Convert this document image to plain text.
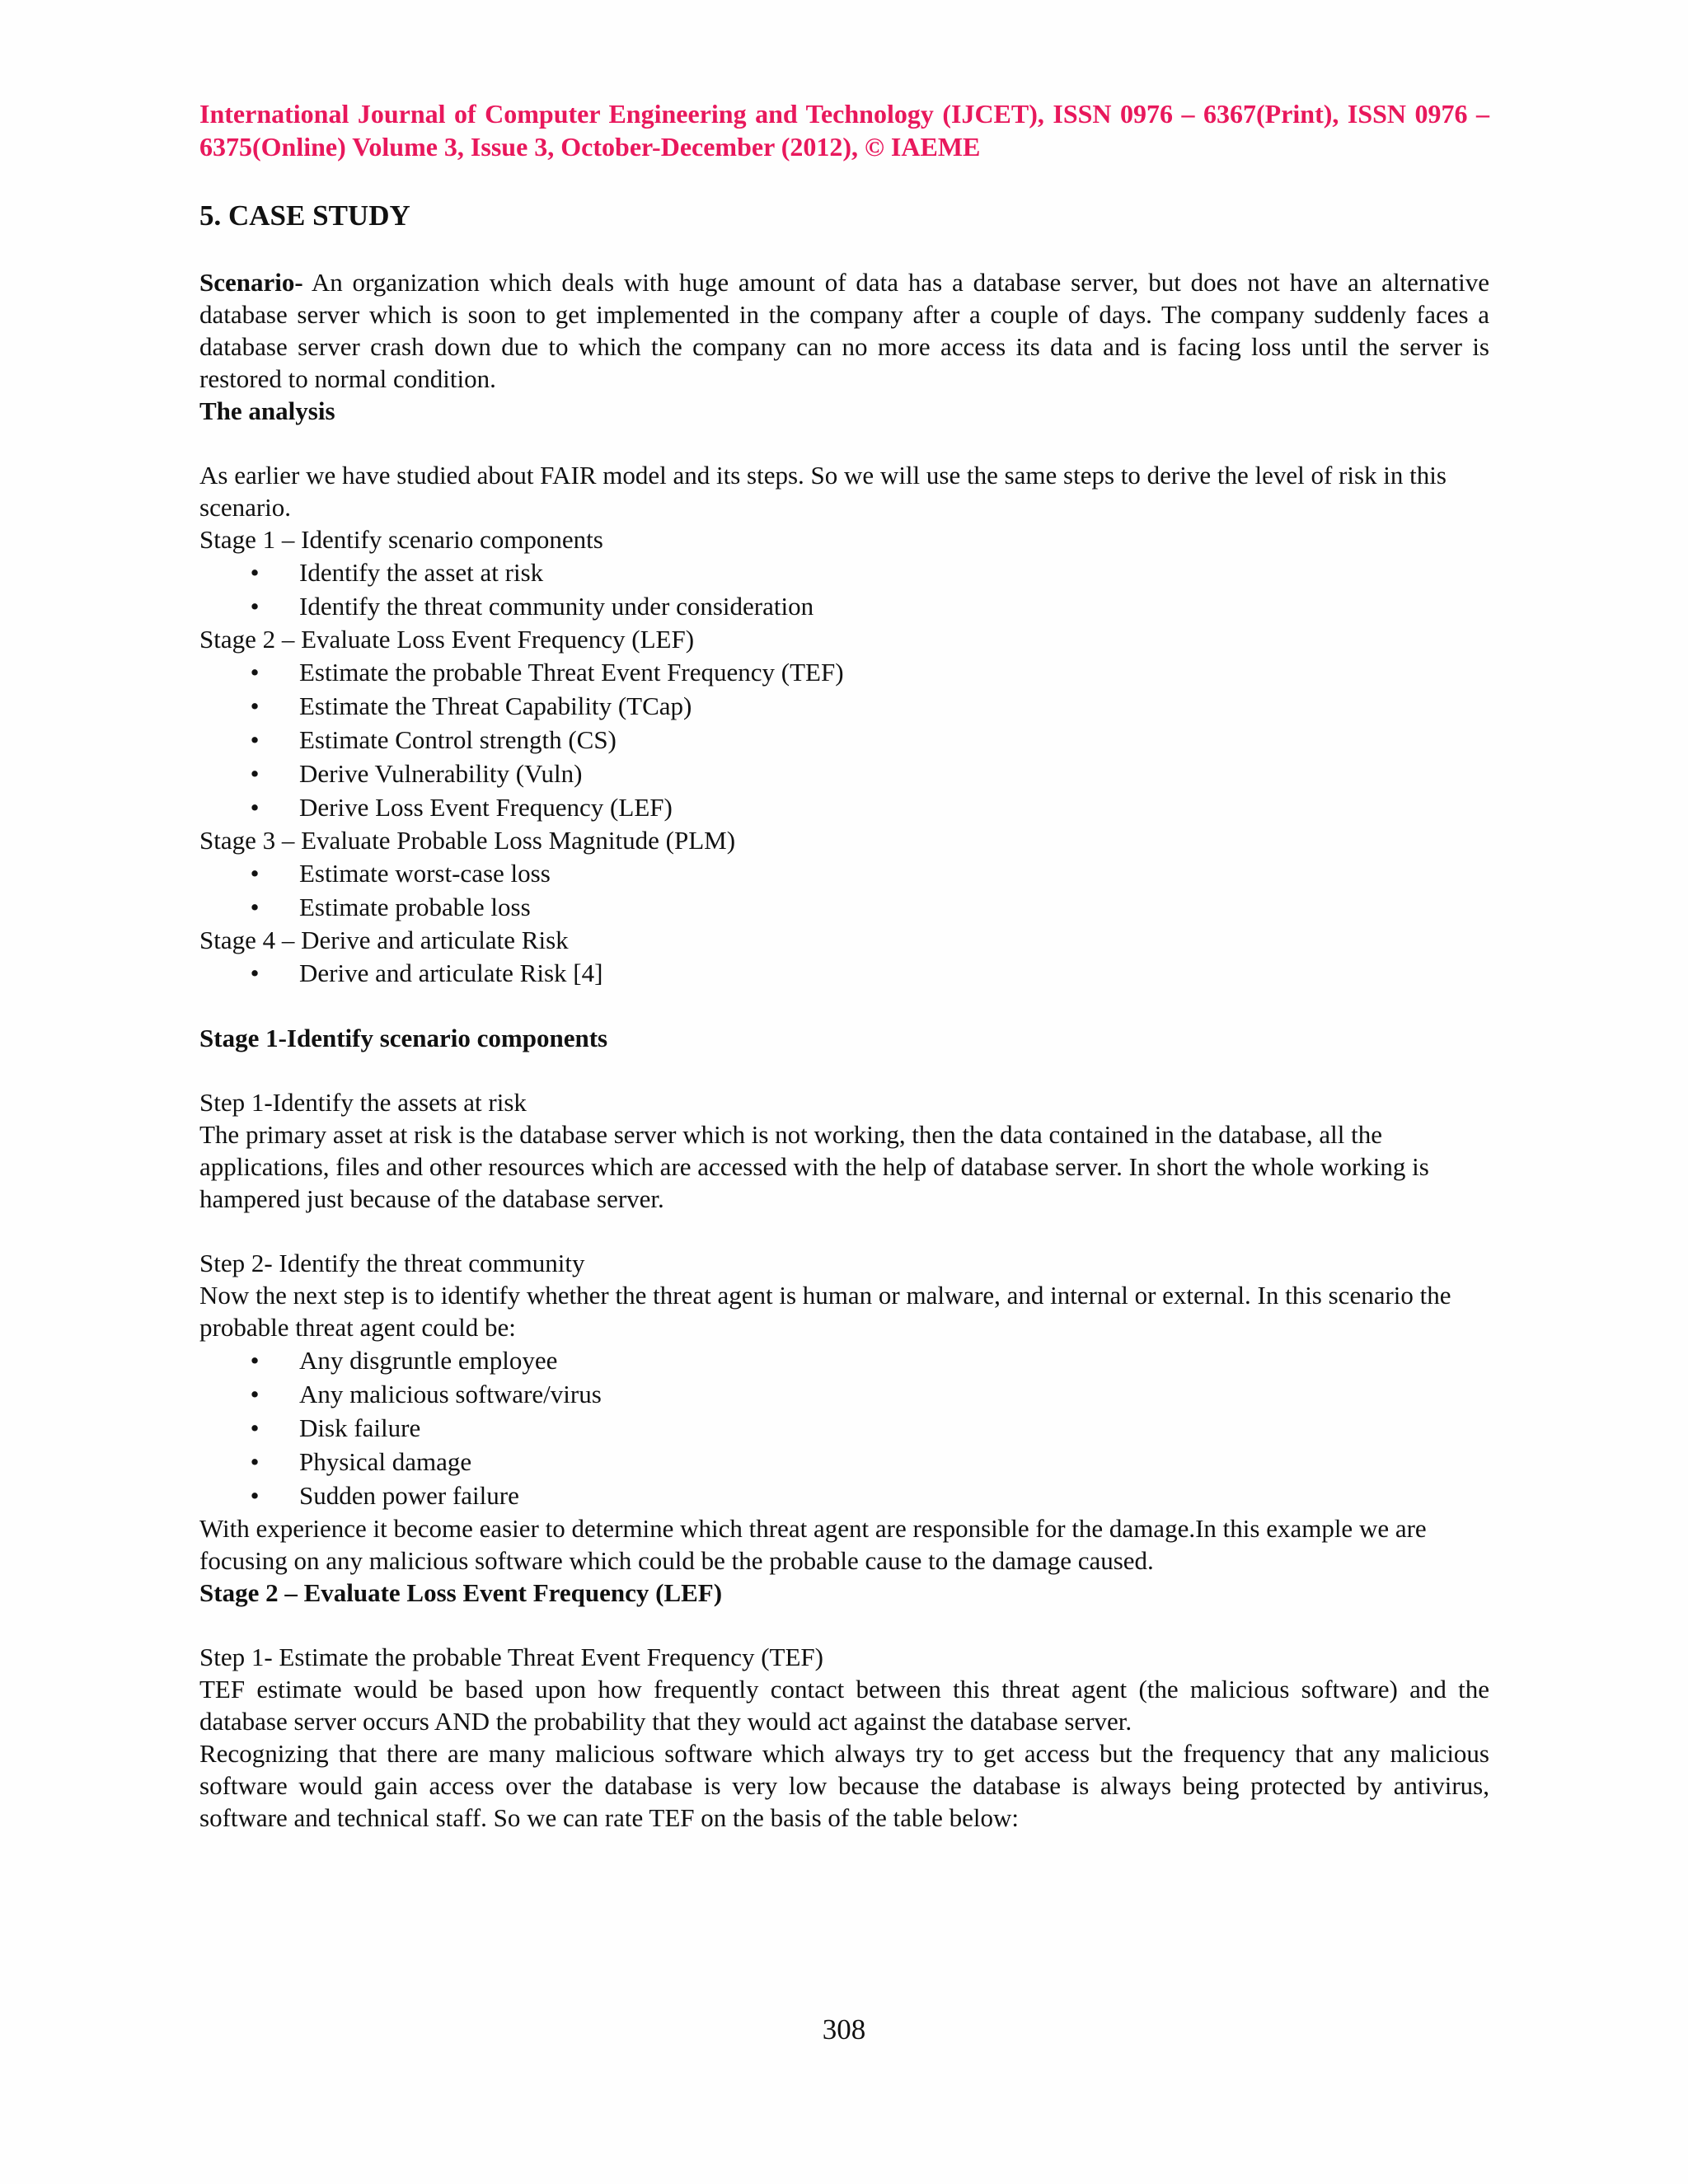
International Journal of Computer Engineering and Technology (IJCET), ISSN 0976 – 6367(Print), ISSN 0976 – 6375(Online) Volume 3, Issue 3, October-December (2012), © IAEME

5. CASE STUDY

Scenario- An organization which deals with huge amount of data has a database server, but does not have an alternative database server which is soon to get implemented in the company after a couple of days. The company suddenly faces a database server crash down due to which the company can no more access its data and is facing loss until the server is restored to normal condition.

The analysis

As earlier we have studied about FAIR model and its steps. So we will use the same steps to derive the level of risk in this scenario.

Stage 1 – Identify scenario components

• Identify the asset at risk
• Identify the threat community under consideration

Stage 2 – Evaluate Loss Event Frequency (LEF)

• Estimate the probable Threat Event Frequency (TEF)
• Estimate the Threat Capability (TCap)
• Estimate Control strength (CS)
• Derive Vulnerability (Vuln)
• Derive Loss Event Frequency (LEF)

Stage 3 – Evaluate Probable Loss Magnitude (PLM)

• Estimate worst-case loss
• Estimate probable loss

Stage 4 – Derive and articulate Risk

• Derive and articulate Risk [4]

Stage 1-Identify scenario components

Step 1-Identify the assets at risk

The primary asset at risk is the database server which is not working, then the data contained in the database, all the applications, files and other resources which are accessed with the help of database server. In short the whole working is hampered just because of the database server.

Step 2- Identify the threat community

Now the next step is to identify whether the threat agent is human or malware, and internal or external. In this scenario the probable threat agent could be:

• Any disgruntle employee
• Any malicious software/virus
• Disk failure
• Physical damage
• Sudden power failure

With experience it become easier to determine which threat agent are responsible for the damage.In this example we are focusing on any malicious software which could be the probable cause to the damage caused.

Stage 2 – Evaluate Loss Event Frequency (LEF)

Step 1- Estimate the probable Threat Event Frequency (TEF)

TEF estimate would be based upon how frequently contact between this threat agent (the malicious software) and the database server occurs AND the probability that they would act against the database server.

Recognizing that there are many malicious software which always try to get access but the frequency that any malicious software would gain access over the database is very low because the database is always being protected by antivirus, software and technical staff. So we can rate TEF on the basis of the table below:

308
